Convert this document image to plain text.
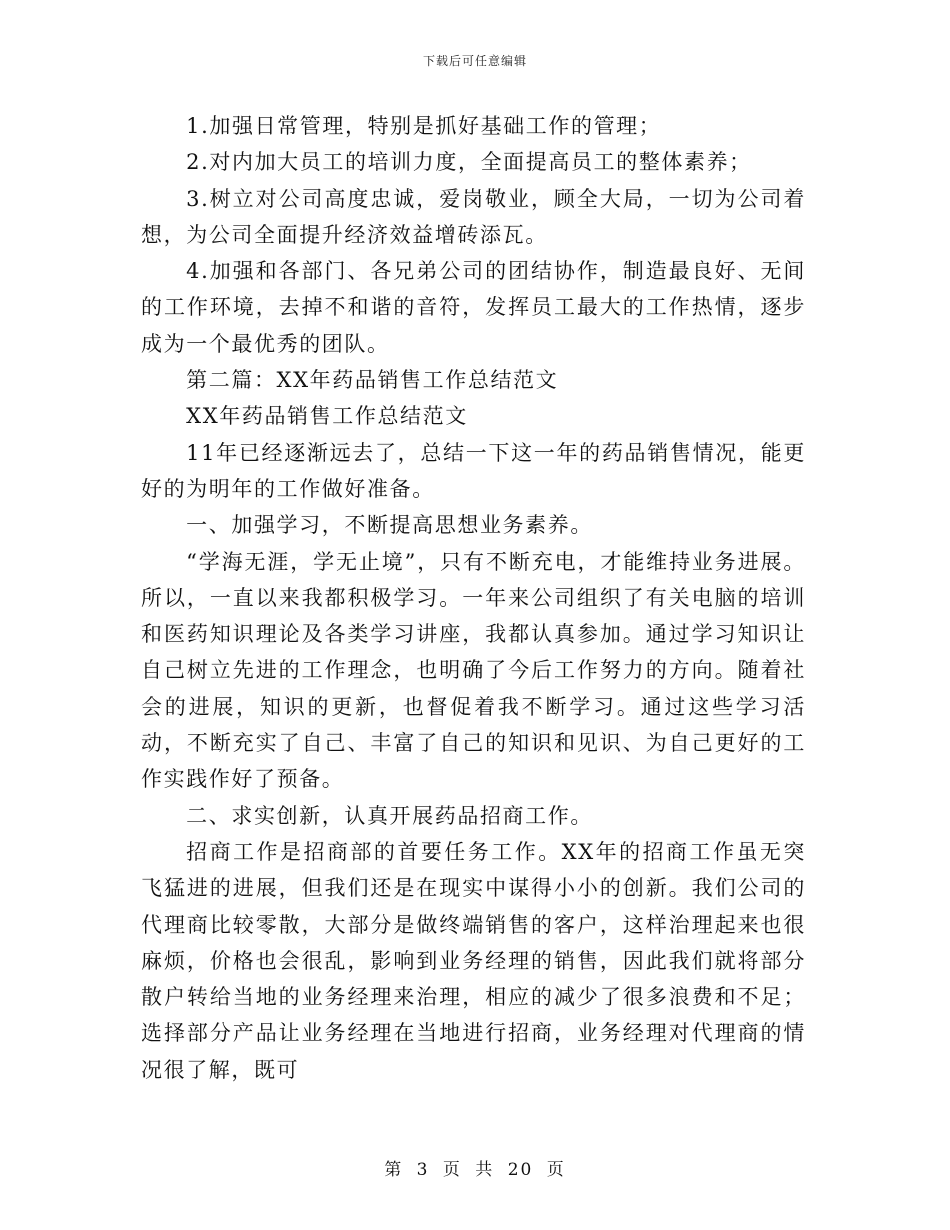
下载后可任意编辑

1.加强日常管理，特别是抓好基础工作的管理；

2.对内加大员工的培训力度，全面提高员工的整体素养；

3.树立对公司高度忠诚，爱岗敬业，顾全大局，一切为公司着想，为公司全面提升经济效益增砖添瓦。

4.加强和各部门、各兄弟公司的团结协作，制造最良好、无间的工作环境，去掉不和谐的音符，发挥员工最大的工作热情，逐步成为一个最优秀的团队。

第二篇：XX年药品销售工作总结范文

XX年药品销售工作总结范文

11年已经逐渐远去了，总结一下这一年的药品销售情况，能更好的为明年的工作做好准备。

一、加强学习，不断提高思想业务素养。

“学海无涯，学无止境”，只有不断充电，才能维持业务进展。所以，一直以来我都积极学习。一年来公司组织了有关电脑的培训和医药知识理论及各类学习讲座，我都认真参加。通过学习知识让自己树立先进的工作理念，也明确了今后工作努力的方向。随着社会的进展，知识的更新，也督促着我不断学习。通过这些学习活动，不断充实了自己、丰富了自己的知识和见识、为自己更好的工作实践作好了预备。

二、求实创新，认真开展药品招商工作。

招商工作是招商部的首要任务工作。XX年的招商工作虽无突飞猛进的进展，但我们还是在现实中谋得小小的创新。我们公司的代理商比较零散，大部分是做终端销售的客户，这样治理起来也很麻烦，价格也会很乱，影响到业务经理的销售，因此我们就将部分散户转给当地的业务经理来治理，相应的减少了很多浪费和不足；选择部分产品让业务经理在当地进行招商，业务经理对代理商的情况很了解，既可

第 3 页 共 20 页
